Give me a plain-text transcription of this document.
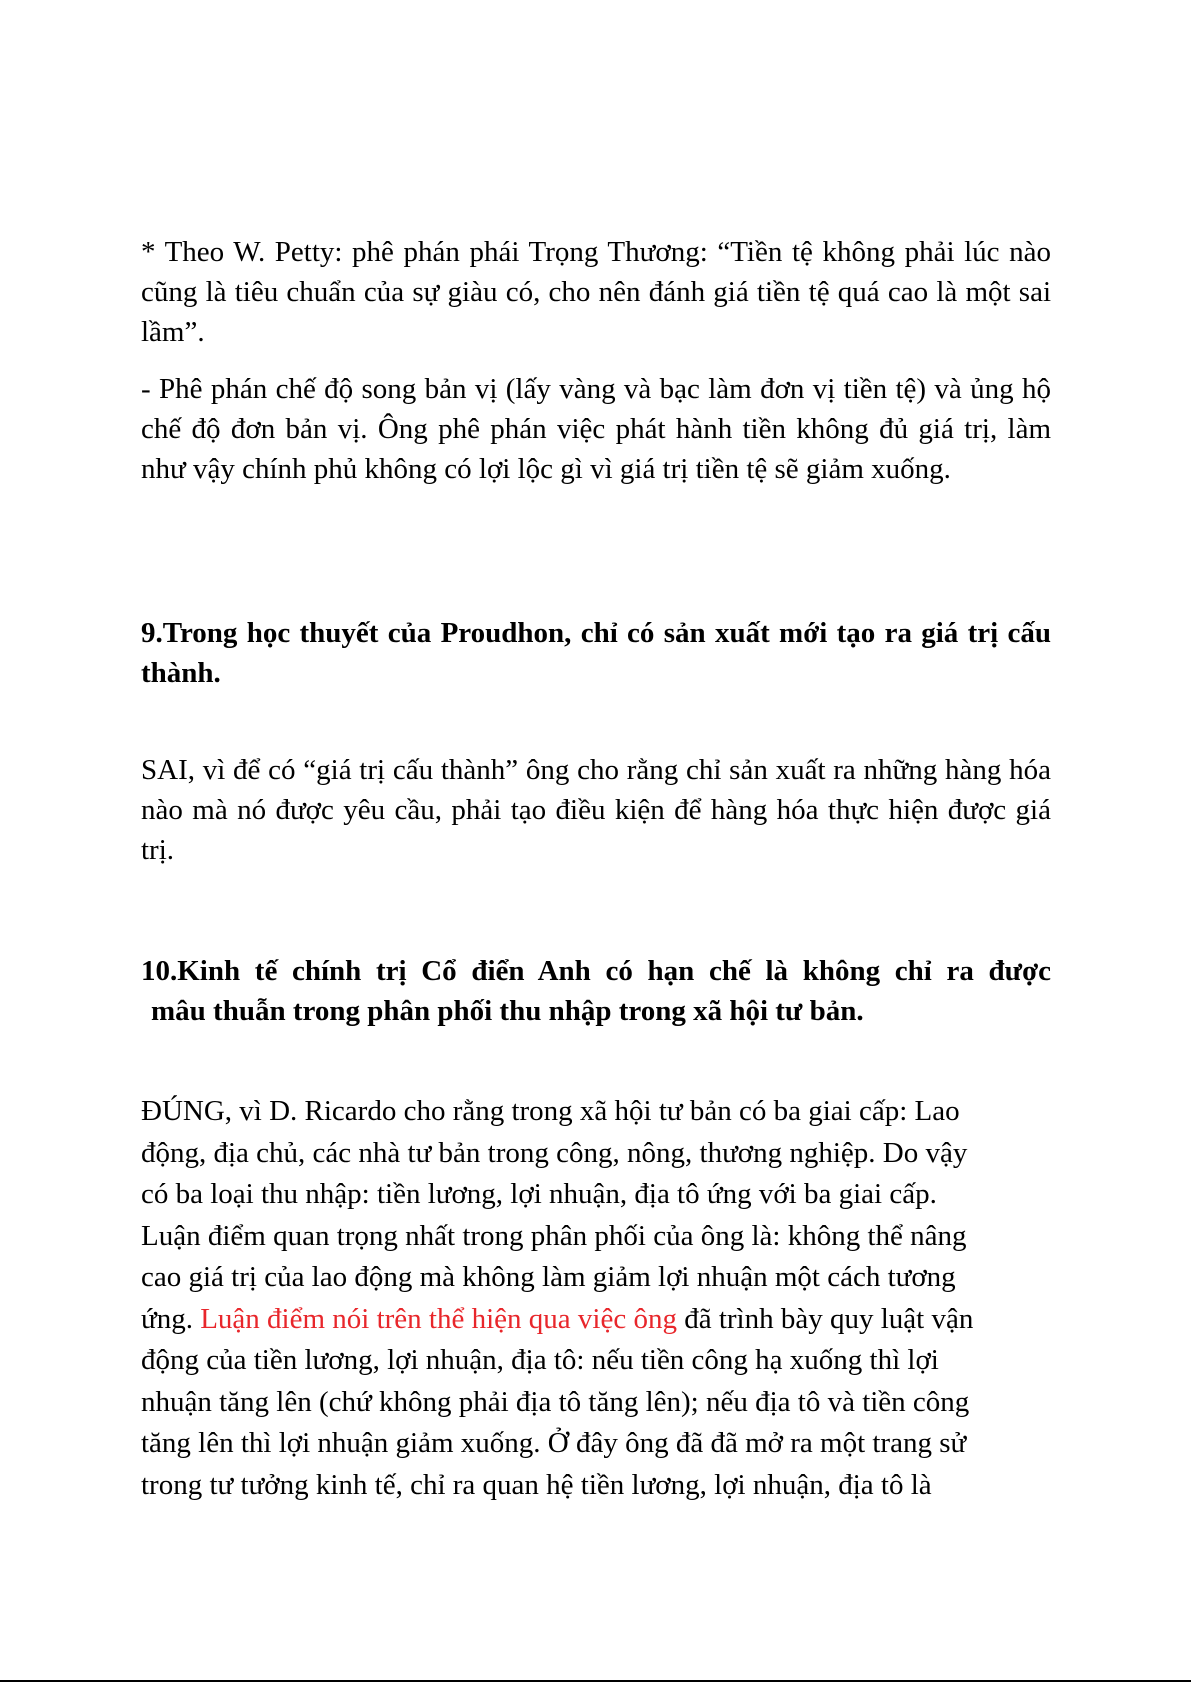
* Theo W. Petty: phê phán phái Trọng Thương: “Tiền tệ không phải lúc nào cũng là tiêu chuẩn của sự giàu có, cho nên đánh giá tiền tệ quá cao là một sai lầm”.
- Phê phán chế độ song bản vị (lấy vàng và bạc làm đơn vị tiền tệ) và ủng hộ chế độ đơn bản vị. Ông phê phán việc phát hành tiền không đủ giá trị, làm như vậy chính phủ không có lợi lộc gì vì giá trị tiền tệ sẽ giảm xuống.
9.Trong học thuyết của Proudhon, chỉ có sản xuất mới tạo ra giá trị cấu thành.
SAI, vì để có “giá trị cấu thành” ông cho rằng chỉ sản xuất ra những hàng hóa nào mà nó được yêu cầu, phải tạo điều kiện để hàng hóa thực hiện được giá trị.
10.Kinh tế chính trị Cổ điển Anh có hạn chế là không chỉ ra được
mâu thuẫn trong phân phối thu nhập trong xã hội tư bản.
ĐÚNG, vì D. Ricardo cho rằng trong xã hội tư bản có ba giai cấp: Lao
động, địa chủ, các nhà tư bản trong công, nông, thương nghiệp. Do vậy
có ba loại thu nhập: tiền lương, lợi nhuận, địa tô ứng với ba giai cấp.
Luận điểm quan trọng nhất trong phân phối của ông là: không thể nâng
cao giá trị của lao động mà không làm giảm lợi nhuận một cách tương
ứng. Luận điểm nói trên thể hiện qua việc ông đã trình bày quy luật vận
động của tiền lương, lợi nhuận, địa tô: nếu tiền công hạ xuống thì lợi
nhuận tăng lên (chứ không phải địa tô tăng lên); nếu địa tô và tiền công
tăng lên thì lợi nhuận giảm xuống. Ở đây ông đã đã mở ra một trang sử
trong tư tưởng kinh tế, chỉ ra quan hệ tiền lương, lợi nhuận, địa tô là
